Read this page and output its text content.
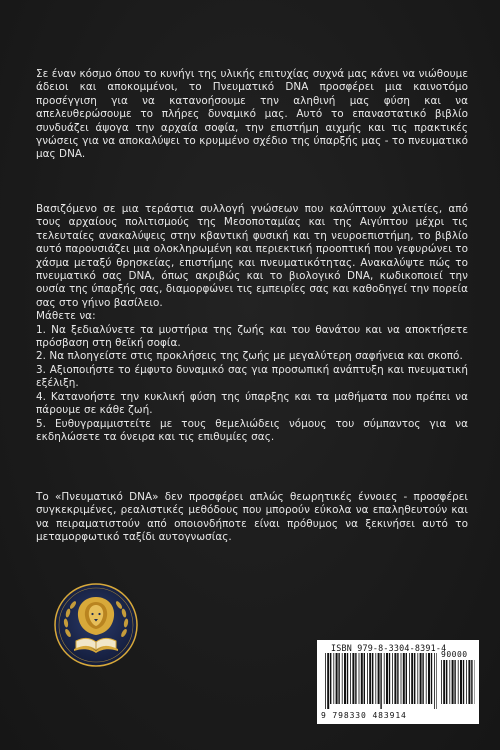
Σε έναν κόσμο όπου το κυνήγι της υλικής επιτυχίας συχνά μας κάνει να νιώθουμε άδειοι και αποκομμένοι, το Πνευματικό DNA προσφέρει μια καινοτόμο προσέγγιση για να κατανοήσουμε την αληθινή μας φύση και να απελευθερώσουμε το πλήρες δυναμικό μας. Αυτό το επαναστατικό βιβλίο συνδυάζει άψογα την αρχαία σοφία, την επιστήμη αιχμής και τις πρακτικές γνώσεις για να αποκαλύψει το κρυμμένο σχέδιο της ύπαρξής μας - το πνευματικό μας DNA.

Βασιζόμενο σε μια τεράστια συλλογή γνώσεων που καλύπτουν χιλιετίες, από τους αρχαίους πολιτισμούς της Μεσοποταμίας και της Αιγύπτου μέχρι τις τελευταίες ανακαλύψεις στην κβαντική φυσική και τη νευροεπιστήμη, το βιβλίο αυτό παρουσιάζει μια ολοκληρωμένη και περιεκτική προοπτική που γεφυρώνει το χάσμα μεταξύ θρησκείας, επιστήμης και πνευματικότητας. Ανακαλύψτε πώς το πνευματικό σας DNA, όπως ακριβώς και το βιολογικό DNA, κωδικοποιεί την ουσία της ύπαρξής σας, διαμορφώνει τις εμπειρίες σας και καθοδηγεί την πορεία σας στο γήινο βασίλειο.

Μάθετε να:

1. Να ξεδιαλύνετε τα μυστήρια της ζωής και του θανάτου και να αποκτήσετε πρόσβαση στη θεϊκή σοφία.

2. Να πλοηγείστε στις προκλήσεις της ζωής με μεγαλύτερη σαφήνεια και σκοπό.

3. Αξιοποιήστε το έμφυτο δυναμικό σας για προσωπική ανάπτυξη και πνευματική εξέλιξη.

4. Κατανοήστε την κυκλική φύση της ύπαρξης και τα μαθήματα που πρέπει να πάρουμε σε κάθε ζωή.

5. Ευθυγραμμιστείτε με τους θεμελιώδεις νόμους του σύμπαντος για να εκδηλώσετε τα όνειρα και τις επιθυμίες σας.

Το «Πνευματικό DNA» δεν προσφέρει απλώς θεωρητικές έννοιες - προσφέρει συγκεκριμένες, ρεαλιστικές μεθόδους που μπορούν εύκολα να επαληθευτούν και να πειραματιστούν από οποιονδήποτε είναι πρόθυμος να ξεκινήσει αυτό το μεταμορφωτικό ταξίδι αυτογνωσίας.

ISBN 979-8-3304-8391-4
90000
9 798330 483914
